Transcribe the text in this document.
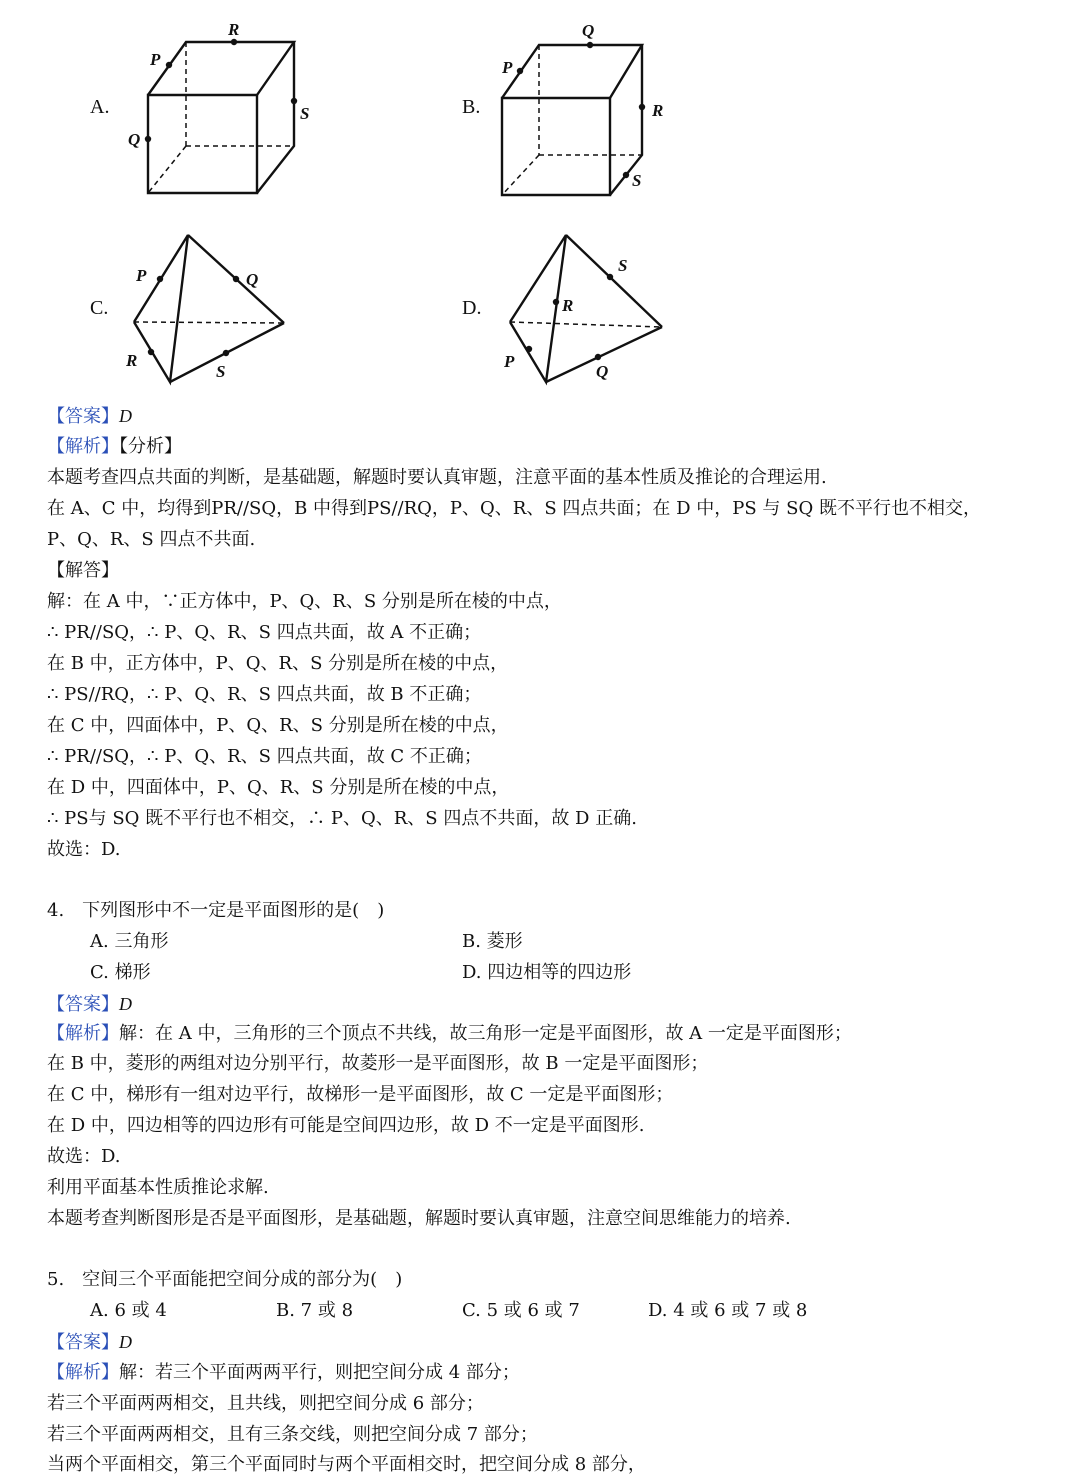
A.
P
Q
R
S	B.
P
Q
R
S
C.
P	Q
R
S
D.
S
R
P
Q
【答案】D
【解析】【分析】
本题考查四点共面的判断，是基础题，解题时要认真审题，注意平面的基本性质及推论的合理运用.
在 A、C 中，均得到PR//SQ，B 中得到PS//RQ，P、Q、R、S 四点共面；在 D 中，PS 与 SQ 既不平行也不相交，
P、Q、R、S 四点不共面.
【解答】
解：在 A 中，∵正方体中，P、Q、R、S 分别是所在棱的中点，
∴ PR//SQ，∴ P、Q、R、S 四点共面，故 A 不正确；
在 B 中，正方体中，P、Q、R、S 分别是所在棱的中点，
∴ PS//RQ，∴ P、Q、R、S 四点共面，故 B 不正确；
在 C 中，四面体中，P、Q、R、S 分别是所在棱的中点，
∴ PR//SQ，∴ P、Q、R、S 四点共面，故 C 不正确；
在 D 中，四面体中，P、Q、R、S 分别是所在棱的中点，
∴ PS与 SQ 既不平行也不相交，∴ P、Q、R、S 四点不共面，故 D 正确.
故选：D.
4.　下列图形中不一定是平面图形的是(　)
A. 三角形	B. 菱形
C. 梯形	D. 四边相等的四边形
【答案】D
【解析】解：在 A 中，三角形的三个顶点不共线，故三角形一定是平面图形，故 A 一定是平面图形；
在 B 中，菱形的两组对边分别平行，故菱形一是平面图形，故 B 一定是平面图形；
在 C 中，梯形有一组对边平行，故梯形一是平面图形，故 C 一定是平面图形；
在 D 中，四边相等的四边形有可能是空间四边形，故 D 不一定是平面图形.
故选：D.
利用平面基本性质推论求解.
本题考查判断图形是否是平面图形，是基础题，解题时要认真审题，注意空间思维能力的培养.
5.　空间三个平面能把空间分成的部分为(　)
A. 6 或 4	B. 7 或 8	C. 5 或 6 或 7	D. 4 或 6 或 7 或 8
【答案】D
【解析】解：若三个平面两两平行，则把空间分成 4 部分；
若三个平面两两相交，且共线，则把空间分成 6 部分；
若三个平面两两相交，且有三条交线，则把空间分成 7 部分；
当两个平面相交，第三个平面同时与两个平面相交时，把空间分成 8 部分，
